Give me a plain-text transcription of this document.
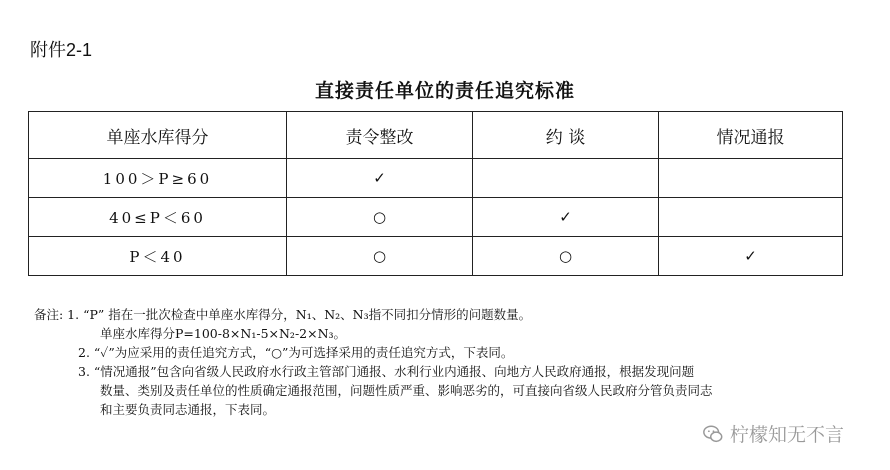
附件2-1
直接责任单位的责任追究标准
单座水库得分	责令整改	约 谈	情况通报
100＞P≥60	✓		
40≤P＜60	○	✓	
P＜40	○	○	✓
备注: 1. “P” 指在一批次检查中单座水库得分，N₁、N₂、N₃指不同扣分情形的问题数量。
单座水库得分P=100-8×N₁-5×N₂-2×N₃。
2. “✓”为应采用的责任追究方式，“○”为可选择采用的责任追究方式，下表同。
3. “情况通报”包含向省级人民政府水行政主管部门通报、水利行业内通报、向地方人民政府通报，根据发现问题
数量、类别及责任单位的性质确定通报范围，问题性质严重、影响恶劣的，可直接向省级人民政府分管负责同志
和主要负责同志通报，下表同。
柠檬知无不言
